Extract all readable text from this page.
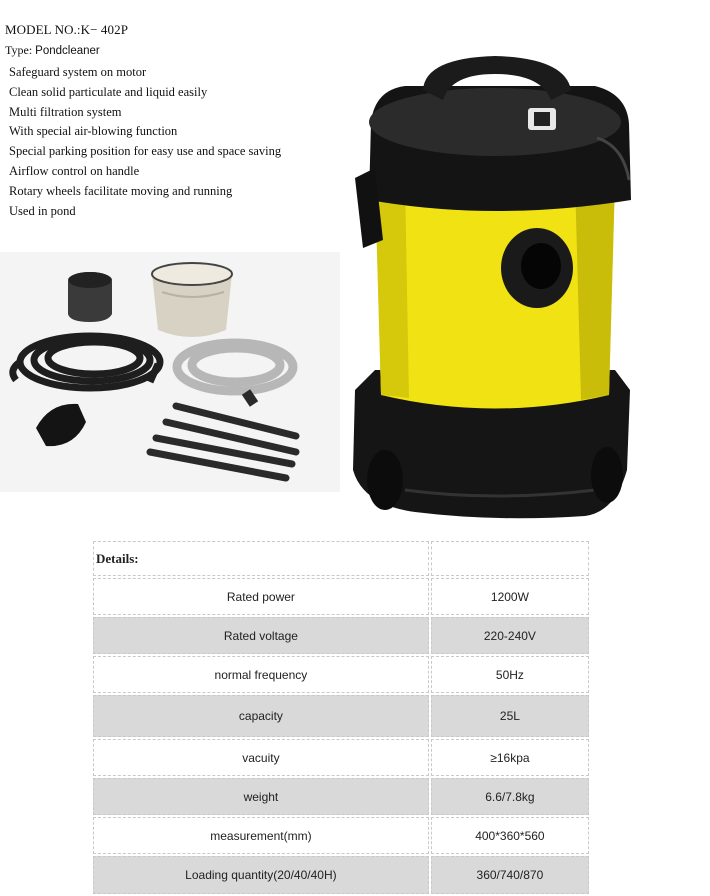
MODEL NO.:K− 402P
Type: Pondcleaner
Safeguard system on motor
Clean solid particulate and liquid easily
Multi filtration system
With special air-blowing function
Special parking position for easy use and space saving
Airflow control on handle
Rotary wheels facilitate moving and running
Used in pond
Details:	
Rated power	1200W
Rated voltage	220-240V
normal frequency	50Hz
capacity	25L
vacuity	≥16kpa
weight	6.6/7.8kg
measurement(mm)	400*360*560
Loading quantity(20/40/40H)	360/740/870
